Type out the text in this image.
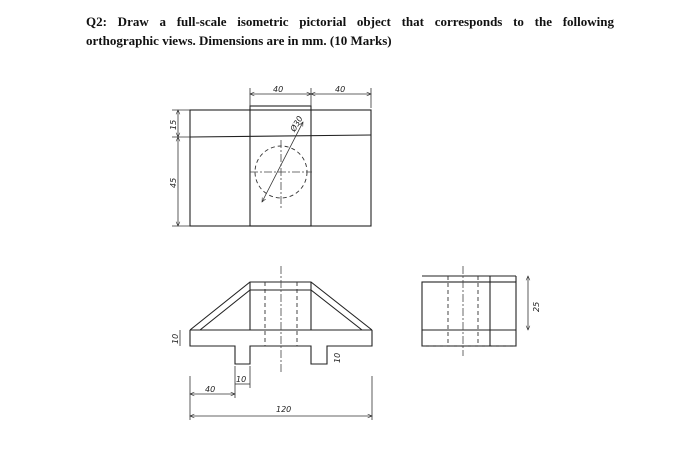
Q2: Draw a full-scale isometric pictorial object that corresponds to the following
orthographic views. Dimensions are in mm. (10 Marks)
Ø30
40	40
15
45
10
10
40
10
120
25
